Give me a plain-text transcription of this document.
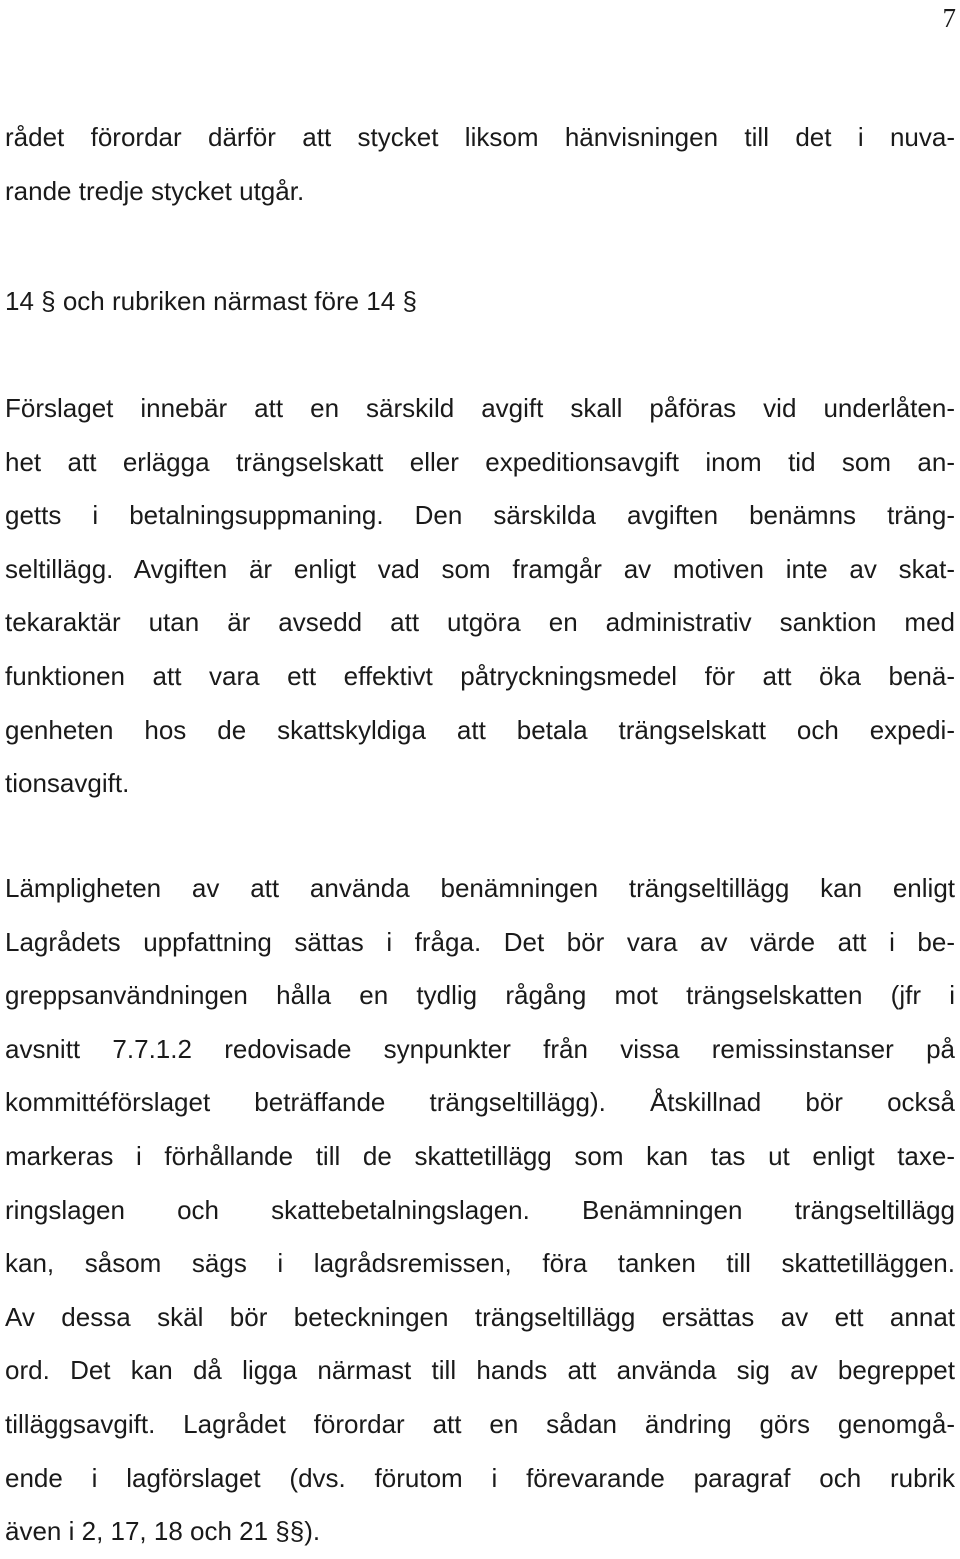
7
rådet förordar därför att stycket liksom hänvisningen till det i nuva-
rande tredje stycket utgår.
14 § och rubriken närmast före 14 §
Förslaget innebär att en särskild avgift skall påföras vid underlåten-
het att erlägga trängselskatt eller expeditionsavgift inom tid som an-
getts i betalningsuppmaning. Den särskilda avgiften benämns träng-
seltillägg. Avgiften är enligt vad som framgår av motiven inte av skat-
tekaraktär utan är avsedd att utgöra en administrativ sanktion med
funktionen att vara ett effektivt påtryckningsmedel för att öka benä-
genheten hos de skattskyldiga att betala trängselskatt och expedi-
tionsavgift.
Lämpligheten av att använda benämningen trängseltillägg kan enligt
Lagrådets uppfattning sättas i fråga. Det bör vara av värde att i be-
greppsanvändningen hålla en tydlig rågång mot trängselskatten (jfr i
avsnitt 7.7.1.2 redovisade synpunkter från vissa remissinstanser på
kommittéförslaget beträffande trängseltillägg). Åtskillnad bör också
markeras i förhållande till de skattetillägg som kan tas ut enligt taxe-
ringslagen och skattebetalningslagen. Benämningen trängseltillägg
kan, såsom sägs i lagrådsremissen, föra tanken till skattetilläggen.
Av dessa skäl bör beteckningen trängseltillägg ersättas av ett annat
ord. Det kan då ligga närmast till hands att använda sig av begreppet
tilläggsavgift. Lagrådet förordar att en sådan ändring görs genomgå-
ende i lagförslaget (dvs. förutom i förevarande paragraf och rubrik
även i 2, 17, 18 och 21 §§).
